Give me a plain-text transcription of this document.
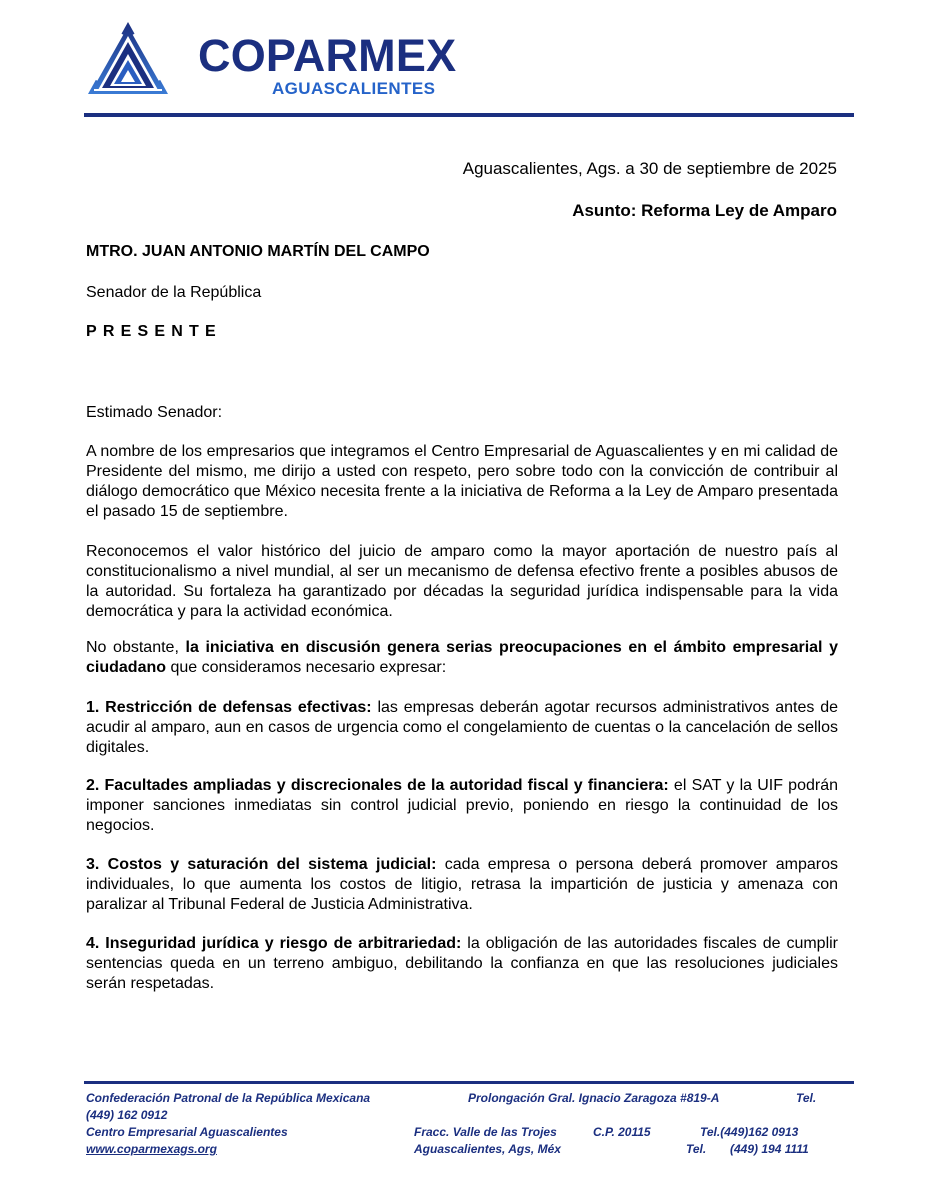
COPARMEX
AGUASCALIENTES
Aguascalientes, Ags. a 30 de septiembre de 2025
Asunto: Reforma Ley de Amparo
MTRO. JUAN ANTONIO MARTÍN DEL CAMPO
Senador de la República
PRESENTE
Estimado Senador:

A nombre de los empresarios que integramos el Centro Empresarial de Aguascalientes y en mi calidad de Presidente del mismo, me dirijo a usted con respeto, pero sobre todo con la convicción de contribuir al diálogo democrático que México necesita frente a la iniciativa de Reforma a la Ley de Amparo presentada el pasado 15 de septiembre.

Reconocemos el valor histórico del juicio de amparo como la mayor aportación de nuestro país al constitucionalismo a nivel mundial, al ser un mecanismo de defensa efectivo frente a posibles abusos de la autoridad. Su fortaleza ha garantizado por décadas la seguridad jurídica indispensable para la vida democrática y para la actividad económica.

No obstante, la iniciativa en discusión genera serias preocupaciones en el ámbito empresarial y ciudadano que consideramos necesario expresar:

1. Restricción de defensas efectivas: las empresas deberán agotar recursos administrativos antes de acudir al amparo, aun en casos de urgencia como el congelamiento de cuentas o la cancelación de sellos digitales.

2. Facultades ampliadas y discrecionales de la autoridad fiscal y financiera: el SAT y la UIF podrán imponer sanciones inmediatas sin control judicial previo, poniendo en riesgo la continuidad de los negocios.

3. Costos y saturación del sistema judicial: cada empresa o persona deberá promover amparos individuales, lo que aumenta los costos de litigio, retrasa la impartición de justicia y amenaza con paralizar al Tribunal Federal de Justicia Administrativa.

4. Inseguridad jurídica y riesgo de arbitrariedad: la obligación de las autoridades fiscales de cumplir sentencias queda en un terreno ambiguo, debilitando la confianza en que las resoluciones judiciales serán respetadas.

Confederación Patronal de la República Mexicana	Prolongación Gral. Ignacio Zaragoza #819-A	Tel.
(449) 162 0912
Centro Empresarial Aguascalientes	Fracc. Valle de las Trojes	C.P. 20115	Tel.(449)162 0913
www.coparmexags.org	Aguascalientes, Ags, Méx	Tel. (449) 194 1111
